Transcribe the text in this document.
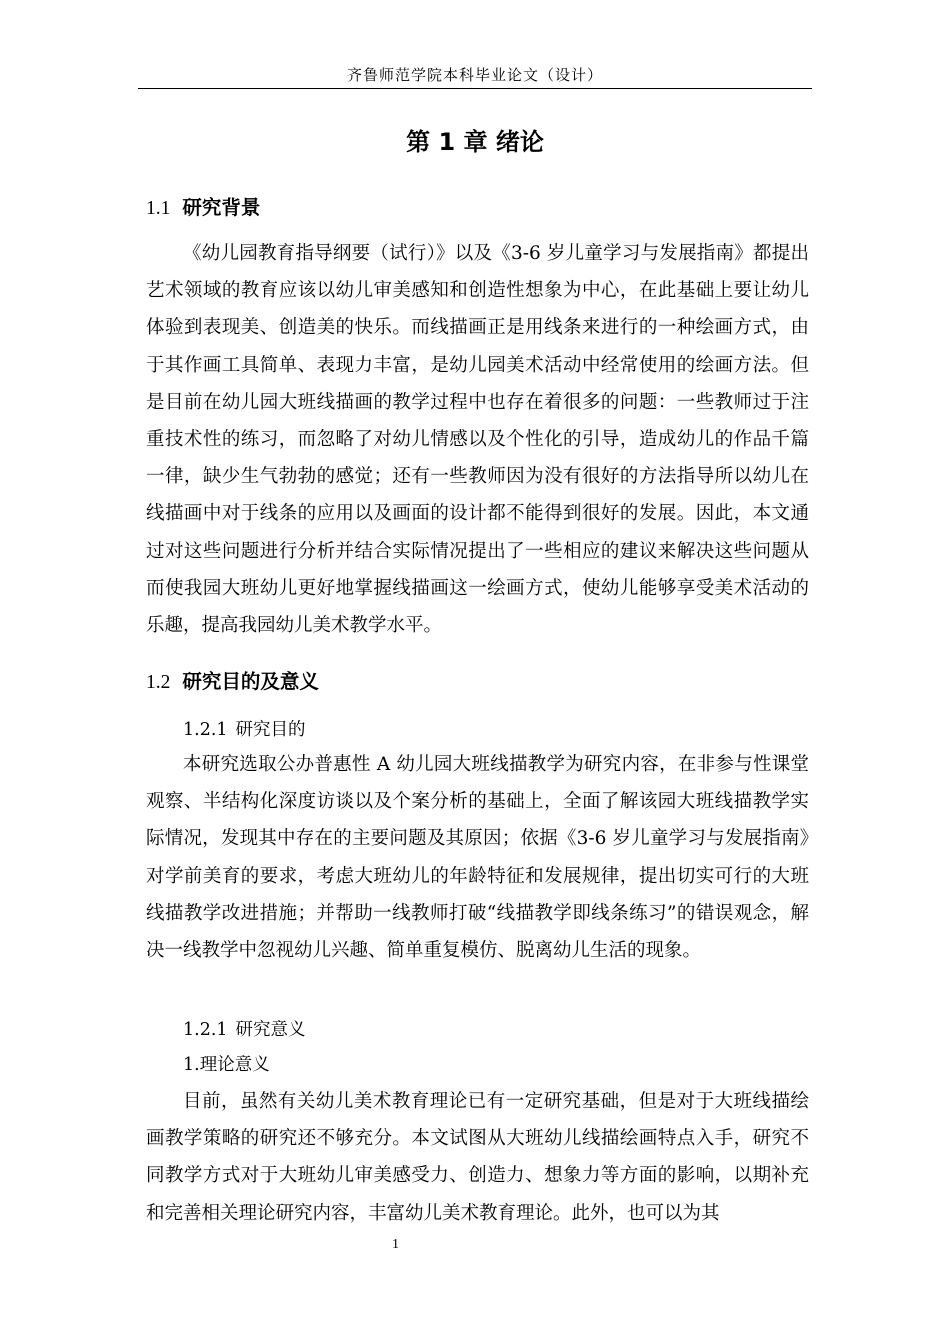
齐鲁师范学院本科毕业论文（设计）
第 1 章 绪论
1.1 研究背景
《幼儿园教育指导纲要（试行）》以及《3-6 岁儿童学习与发展指南》都提出艺术领域的教育应该以幼儿审美感知和创造性想象为中心，在此基础上要让幼儿体验到表现美、创造美的快乐。而线描画正是用线条来进行的一种绘画方式，由于其作画工具简单、表现力丰富，是幼儿园美术活动中经常使用的绘画方法。但是目前在幼儿园大班线描画的教学过程中也存在着很多的问题：一些教师过于注重技术性的练习，而忽略了对幼儿情感以及个性化的引导，造成幼儿的作品千篇一律，缺少生气勃勃的感觉；还有一些教师因为没有很好的方法指导所以幼儿在线描画中对于线条的应用以及画面的设计都不能得到很好的发展。因此，本文通过对这些问题进行分析并结合实际情况提出了一些相应的建议来解决这些问题从而使我园大班幼儿更好地掌握线描画这一绘画方式，使幼儿能够享受美术活动的乐趣，提高我园幼儿美术教学水平。
1.2 研究目的及意义
1.2.1 研究目的
本研究选取公办普惠性 A 幼儿园大班线描教学为研究内容，在非参与性课堂观察、半结构化深度访谈以及个案分析的基础上，全面了解该园大班线描教学实际情况，发现其中存在的主要问题及其原因；依据《3-6 岁儿童学习与发展指南》对学前美育的要求，考虑大班幼儿的年龄特征和发展规律，提出切实可行的大班线描教学改进措施；并帮助一线教师打破“线描教学即线条练习”的错误观念，解决一线教学中忽视幼儿兴趣、简单重复模仿、脱离幼儿生活的现象。
1.2.1 研究意义
1.理论意义
目前，虽然有关幼儿美术教育理论已有一定研究基础，但是对于大班线描绘画教学策略的研究还不够充分。本文试图从大班幼儿线描绘画特点入手，研究不同教学方式对于大班幼儿审美感受力、创造力、想象力等方面的影响，以期补充和完善相关理论研究内容，丰富幼儿美术教育理论。此外，也可以为其
1
